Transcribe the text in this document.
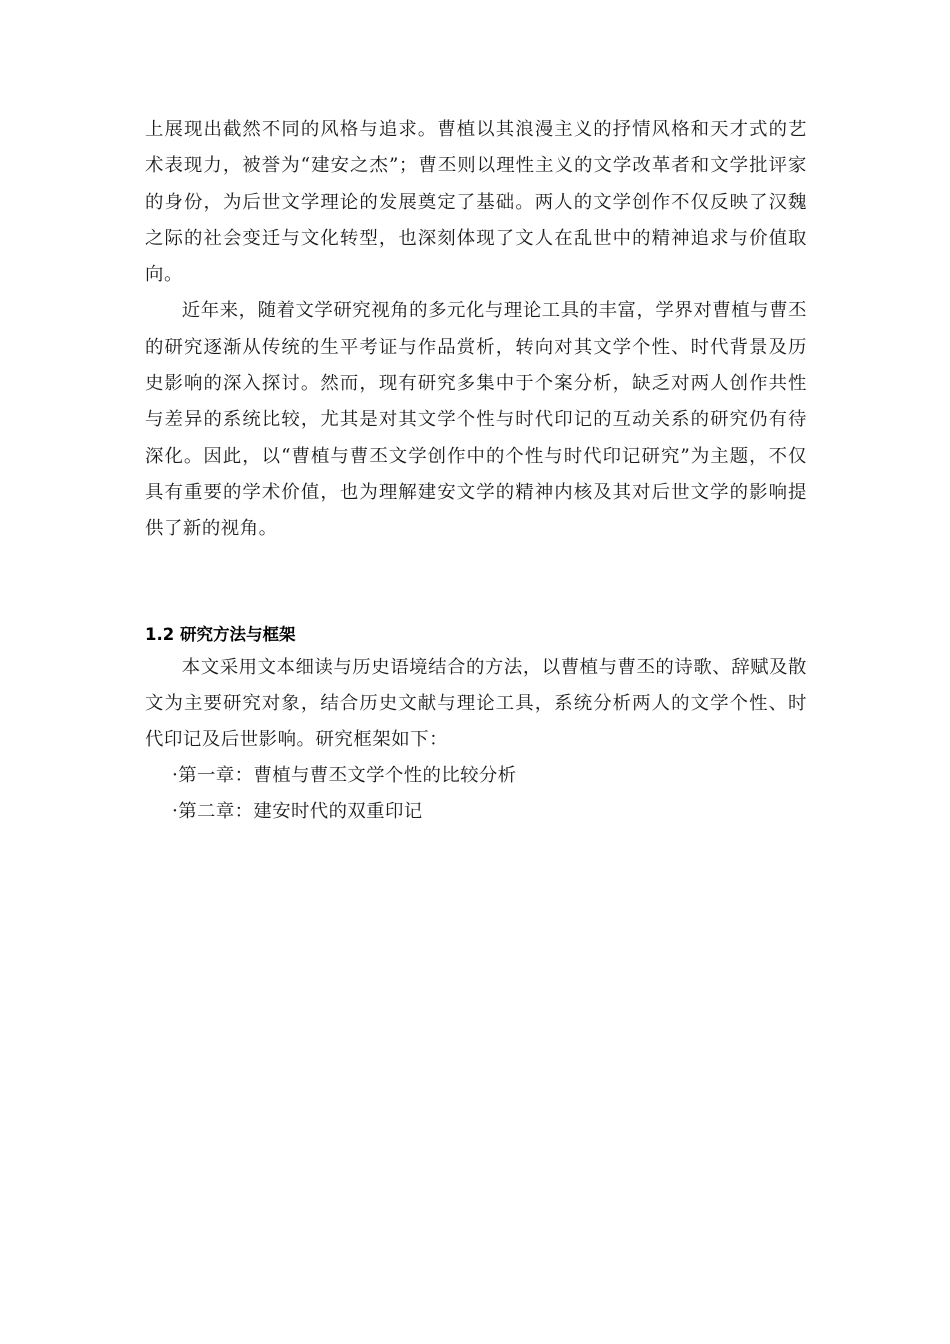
上展现出截然不同的风格与追求。曹植以其浪漫主义的抒情风格和天才式的艺术表现力，被誉为“建安之杰”；曹丕则以理性主义的文学改革者和文学批评家的身份，为后世文学理论的发展奠定了基础。两人的文学创作不仅反映了汉魏之际的社会变迁与文化转型，也深刻体现了文人在乱世中的精神追求与价值取向。

近年来，随着文学研究视角的多元化与理论工具的丰富，学界对曹植与曹丕的研究逐渐从传统的生平考证与作品赏析，转向对其文学个性、时代背景及历史影响的深入探讨。然而，现有研究多集中于个案分析，缺乏对两人创作共性与差异的系统比较，尤其是对其文学个性与时代印记的互动关系的研究仍有待深化。因此，以“曹植与曹丕文学创作中的个性与时代印记研究”为主题，不仅具有重要的学术价值，也为理解建安文学的精神内核及其对后世文学的影响提供了新的视角。

1.2 研究方法与框架

本文采用文本细读与历史语境结合的方法，以曹植与曹丕的诗歌、辞赋及散文为主要研究对象，结合历史文献与理论工具，系统分析两人的文学个性、时代印记及后世影响。研究框架如下：

·第一章：曹植与曹丕文学个性的比较分析
·第二章：建安时代的双重印记
